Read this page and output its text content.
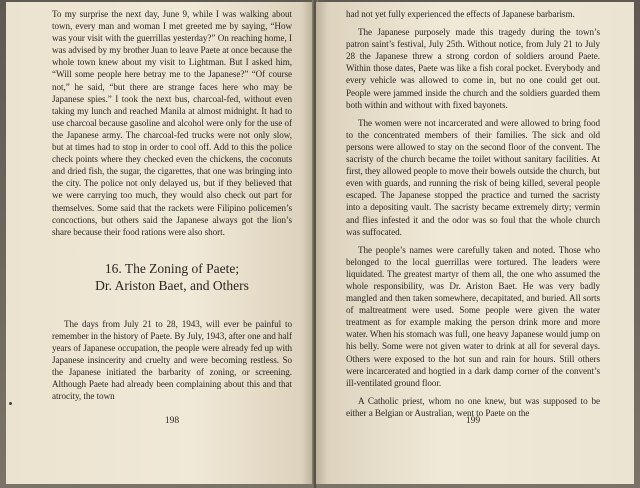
To my surprise the next day, June 9, while I was walking about town, every man and woman I met greeted me by saying, “How was your visit with the guerrillas yesterday?” On reaching home, I was advised by my brother Juan to leave Paete at once because the whole town knew about my visit to Lightman. But I asked him, “Will some people here betray me to the Japanese?” “Of course not,” he said, “but there are strange faces here who may be Japanese spies.” I took the next bus, charcoal-fed, without even taking my lunch and reached Manila at almost midnight. It had to use charcoal because gasoline and alcohol were only for the use of the Japanese army. The charcoal-fed trucks were not only slow, but at times had to stop in order to cool off. Add to this the police check points where they checked even the chickens, the coconuts and dried fish, the sugar, the cigarettes, that one was bringing into the city. The police not only delayed us, but if they believed that we were carrying too much, they would also check out part for themselves. Some said that the rackets were Filipino policemen’s concoctions, but others said the Japanese always got the lion’s share because their food rations were also short.

16. The Zoning of Paete;
Dr. Ariston Baet, and Others

The days from July 21 to 28, 1943, will ever be painful to remember in the history of Paete. By July, 1943, after one and half years of Japanese occupation, the people were already fed up with Japanese insincerity and cruelty and were becoming restless. So the Japanese initiated the barbarity of zoning, or screening. Although Paete had already been complaining about this and that atrocity, the town

198

had not yet fully experienced the effects of Japanese barbarism.

The Japanese purposely made this tragedy during the town’s patron saint’s festival, July 25th. Without notice, from July 21 to July 28 the Japanese threw a strong cordon of soldiers around Paete. Within those dates, Paete was like a fish coral pocket. Everybody and every vehicle was allowed to come in, but no one could get out. People were jammed inside the church and the soldiers guarded them both within and without with fixed bayonets.

The women were not incarcerated and were allowed to bring food to the concentrated members of their families. The sick and old persons were allowed to stay on the second floor of the convent. The sacristy of the church became the toilet without sanitary facilities. At first, they allowed people to move their bowels outside the church, but even with guards, and running the risk of being killed, several people escaped. The Japanese stopped the practice and turned the sacristy into a depositing vault. The sacristy became extremely dirty; vermin and flies infested it and the odor was so foul that the whole church was suffocated.

The people’s names were carefully taken and noted. Those who belonged to the local guerrillas were tortured. The leaders were liquidated. The greatest martyr of them all, the one who assumed the whole responsibility, was Dr. Ariston Baet. He was very badly mangled and then taken somewhere, decapitated, and buried. All sorts of maltreatment were used. Some people were given the water treatment as for example making the person drink more and more water. When his stomach was full, one heavy Japanese would jump on his belly. Some were not given water to drink at all for several days. Others were exposed to the hot sun and rain for hours. Still others were incarcerated and hogtied in a dark damp corner of the convent’s ill-ventilated ground floor.

A Catholic priest, whom no one knew, but was supposed to be either a Belgian or Australian, went to Paete on the

199
